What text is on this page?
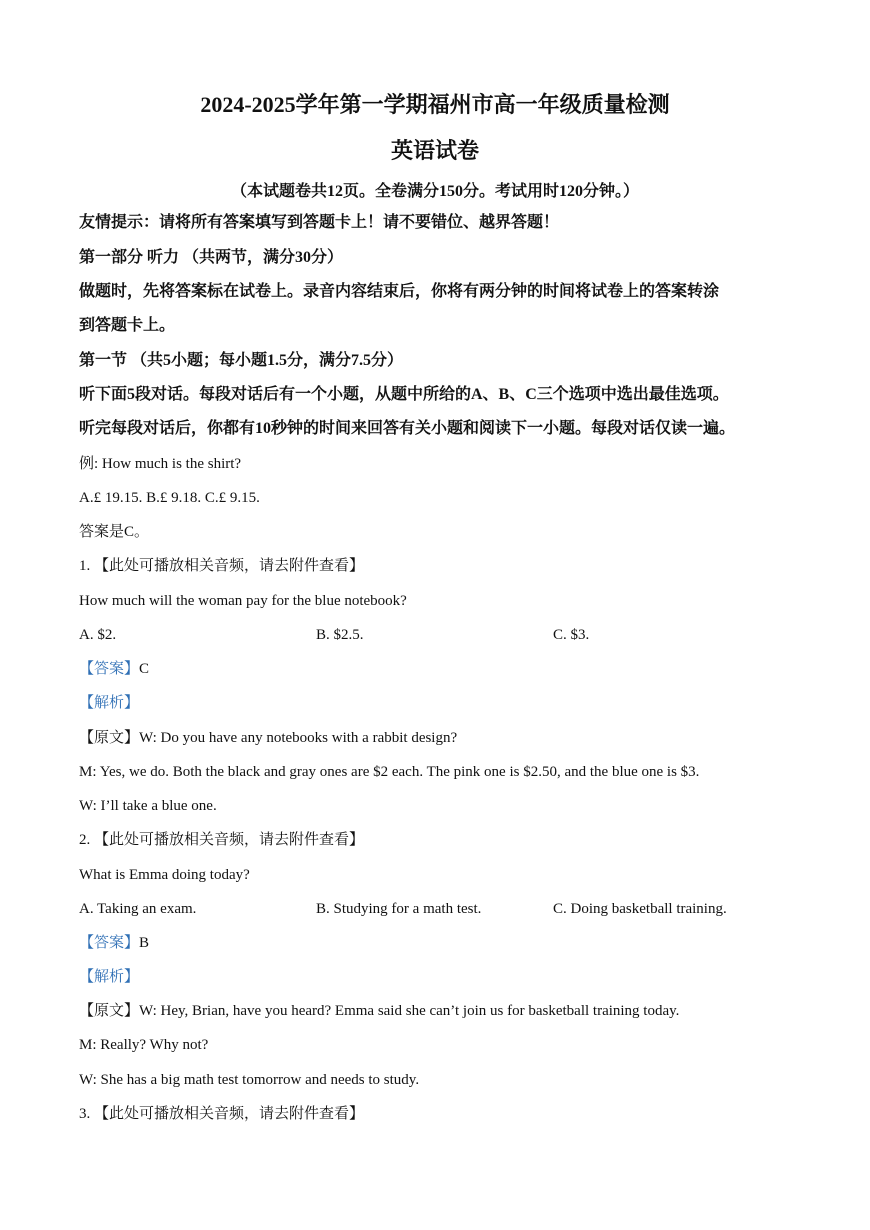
2024-2025学年第一学期福州市高一年级质量检测
英语试卷
（本试题卷共12页。全卷满分150分。考试用时120分钟。）
友情提示：请将所有答案填写到答题卡上！请不要错位、越界答题！
第一部分 听力 （共两节，满分30分）
做题时，先将答案标在试卷上。录音内容结束后，你将有两分钟的时间将试卷上的答案转涂
到答题卡上。
第一节 （共5小题；每小题1.5分，满分7.5分）
听下面5段对话。每段对话后有一个小题，从题中所给的A、B、C三个选项中选出最佳选项。
听完每段对话后，你都有10秒钟的时间来回答有关小题和阅读下一小题。每段对话仅读一遍。
例: How much is the shirt?
A.£ 19.15. B.£ 9.18. C.£ 9.15.
答案是C。
1. 【此处可播放相关音频，请去附件查看】
How much will the woman pay for the blue notebook?
A. $2.	B. $2.5.	C. $3.
【答案】C
【解析】
【原文】W: Do you have any notebooks with a rabbit design?
M: Yes, we do. Both the black and gray ones are $2 each. The pink one is $2.50, and the blue one is $3.
W: I’ll take a blue one.
2. 【此处可播放相关音频，请去附件查看】
What is Emma doing today?
A. Taking an exam.	B. Studying for a math test.	C. Doing basketball training.
【答案】B
【解析】
【原文】W: Hey, Brian, have you heard? Emma said she can’t join us for basketball training today.
M: Really? Why not?
W: She has a big math test tomorrow and needs to study.
3. 【此处可播放相关音频，请去附件查看】
